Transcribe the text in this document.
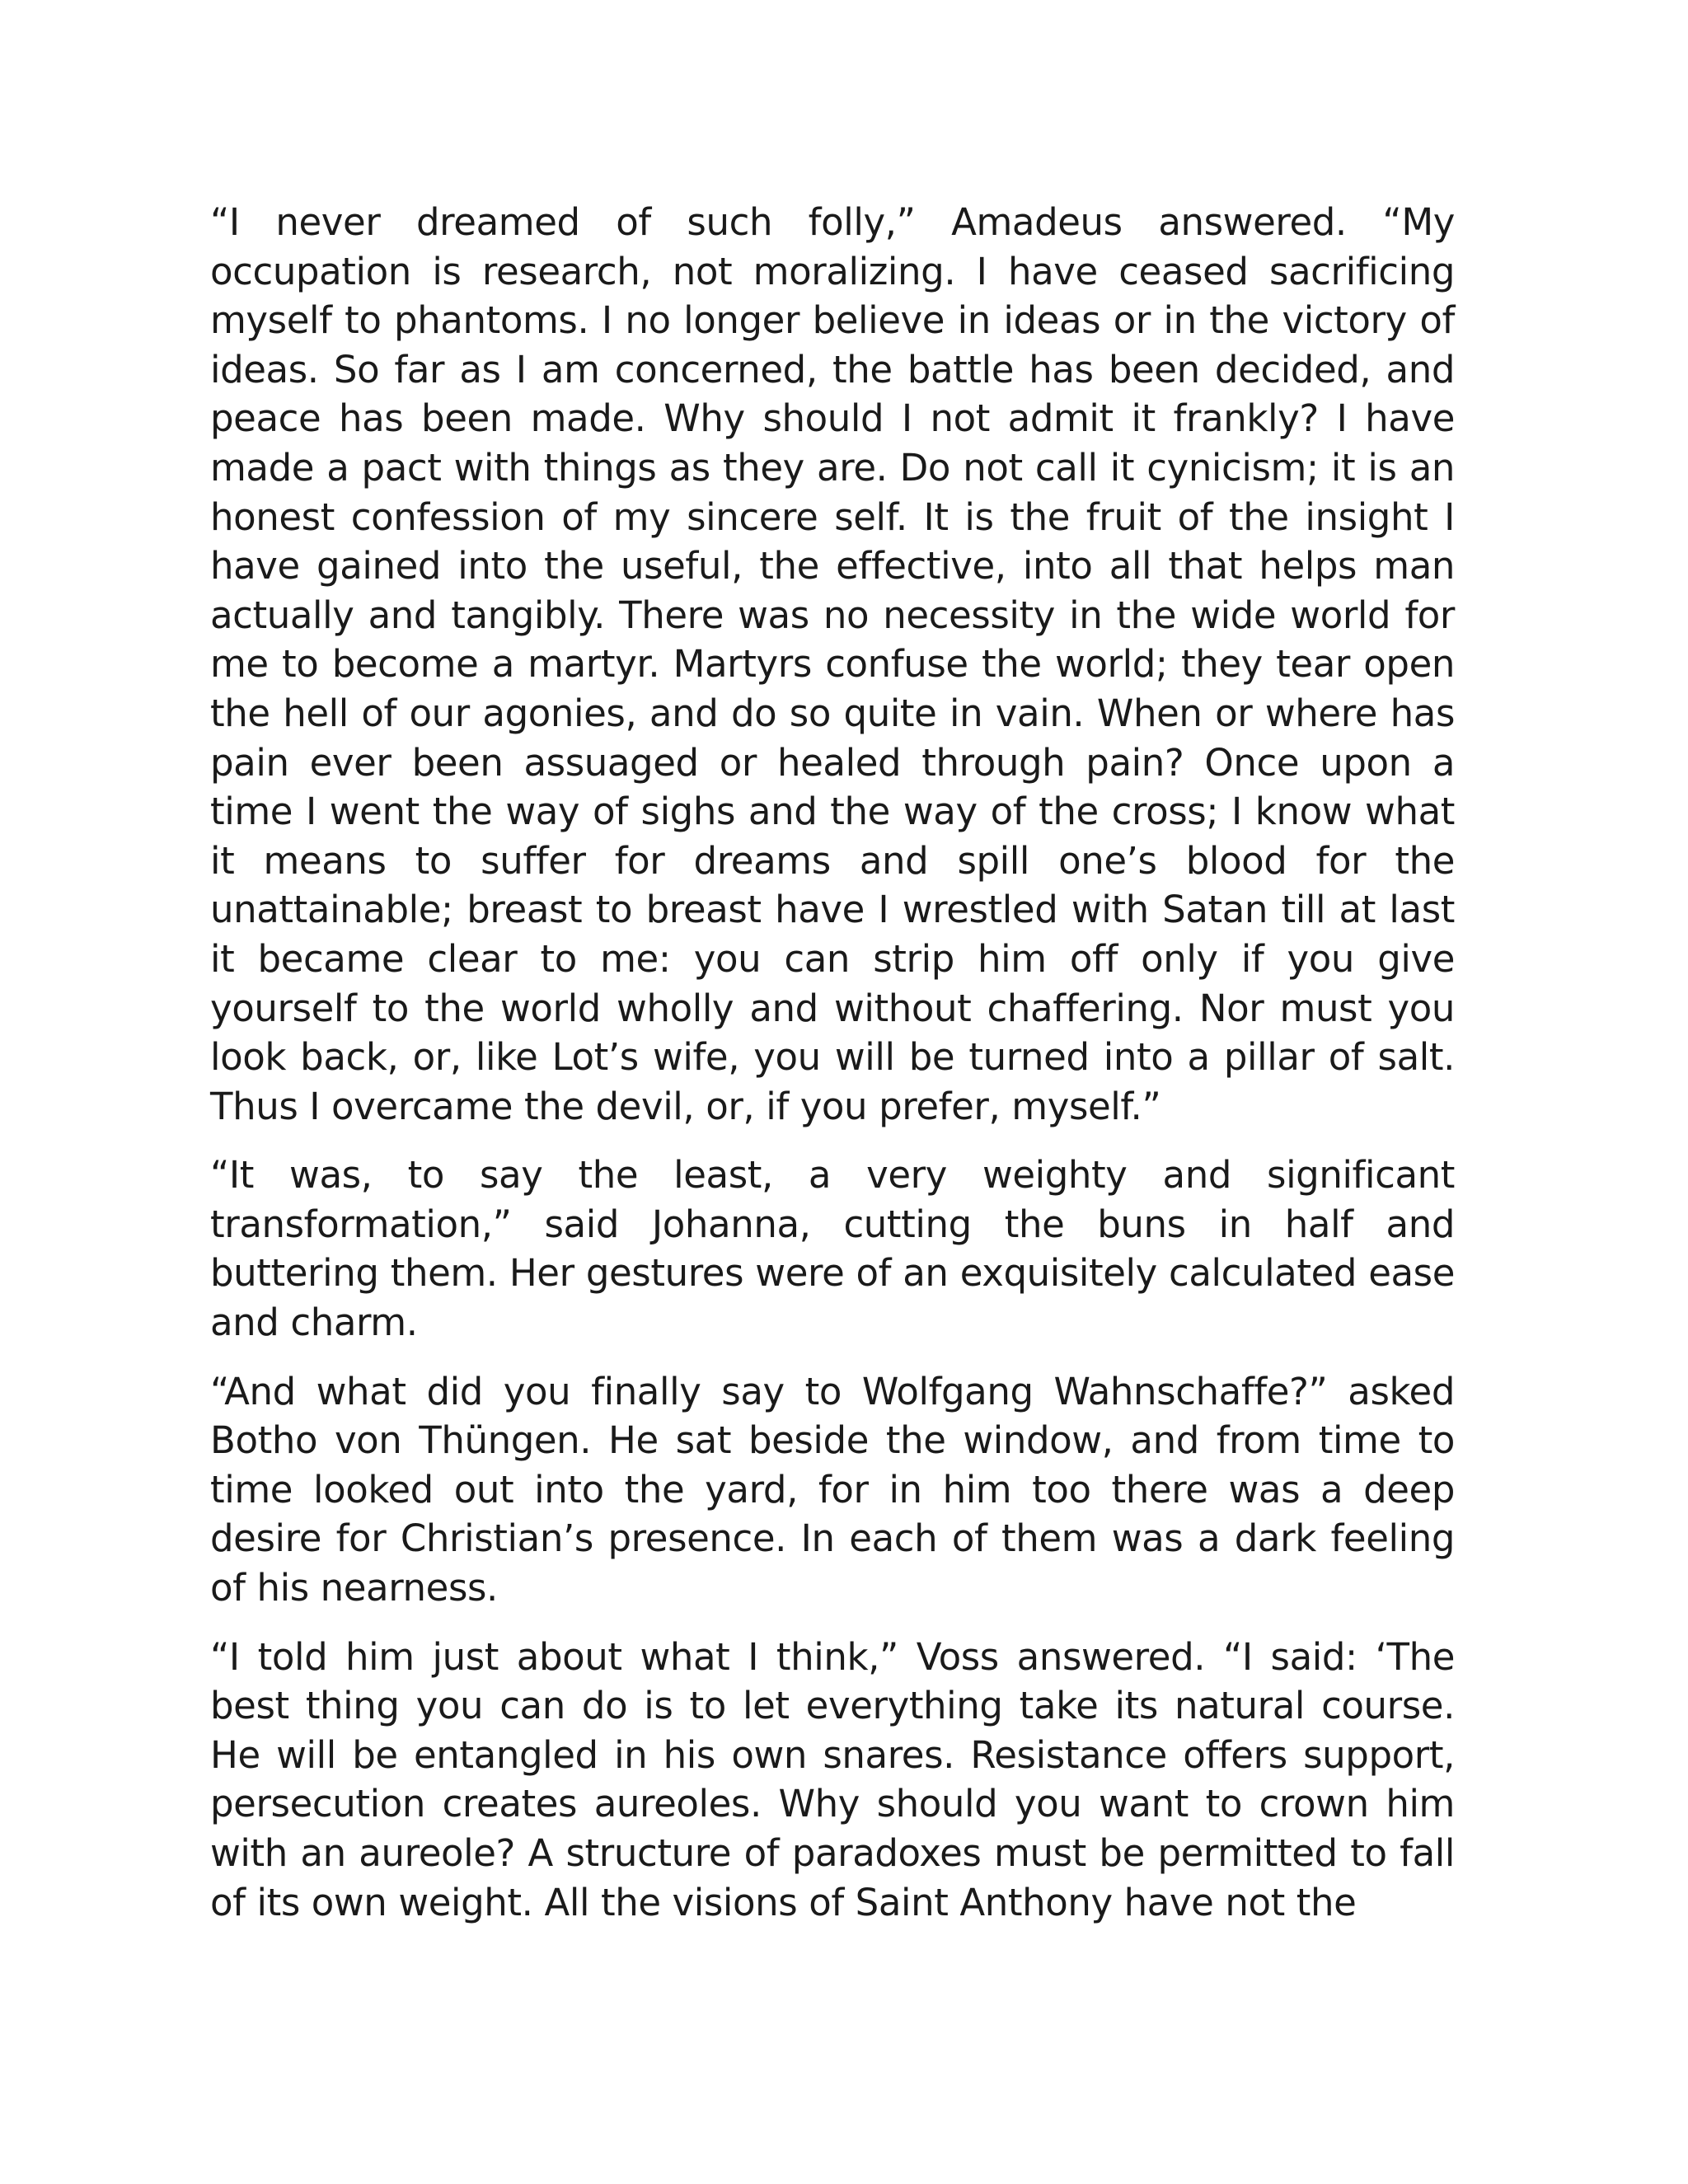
“I never dreamed of such folly,” Amadeus answered. “My occupation is research, not moralizing. I have ceased sacrificing myself to phantoms. I no longer believe in ideas or in the victory of ideas. So far as I am concerned, the battle has been decided, and peace has been made. Why should I not admit it frankly? I have made a pact with things as they are. Do not call it cynicism; it is an honest confession of my sincere self. It is the fruit of the insight I have gained into the useful, the effective, into all that helps man actually and tangibly. There was no necessity in the wide world for me to become a martyr. Martyrs confuse the world; they tear open the hell of our agonies, and do so quite in vain. When or where has pain ever been assuaged or healed through pain? Once upon a time I went the way of sighs and the way of the cross; I know what it means to suffer for dreams and spill one’s blood for the unattainable; breast to breast have I wrestled with Satan till at last it became clear to me: you can strip him off only if you give yourself to the world wholly and without chaffering. Nor must you look back, or, like Lot’s wife, you will be turned into a pillar of salt. Thus I overcame the devil, or, if you prefer, myself.”

“It was, to say the least, a very weighty and significant transformation,” said Johanna, cutting the buns in half and buttering them. Her gestures were of an exquisitely calculated ease and charm.

“And what did you finally say to Wolfgang Wahnschaffe?” asked Botho von Thüngen. He sat beside the window, and from time to time looked out into the yard, for in him too there was a deep desire for Christian’s presence. In each of them was a dark feeling of his nearness.

“I told him just about what I think,” Voss answered. “I said: ‘The best thing you can do is to let everything take its natural course. He will be entangled in his own snares. Resistance offers support, persecution creates aureoles. Why should you want to crown him with an aureole? A structure of paradoxes must be permitted to fall of its own weight. All the visions of Saint Anthony have not the
